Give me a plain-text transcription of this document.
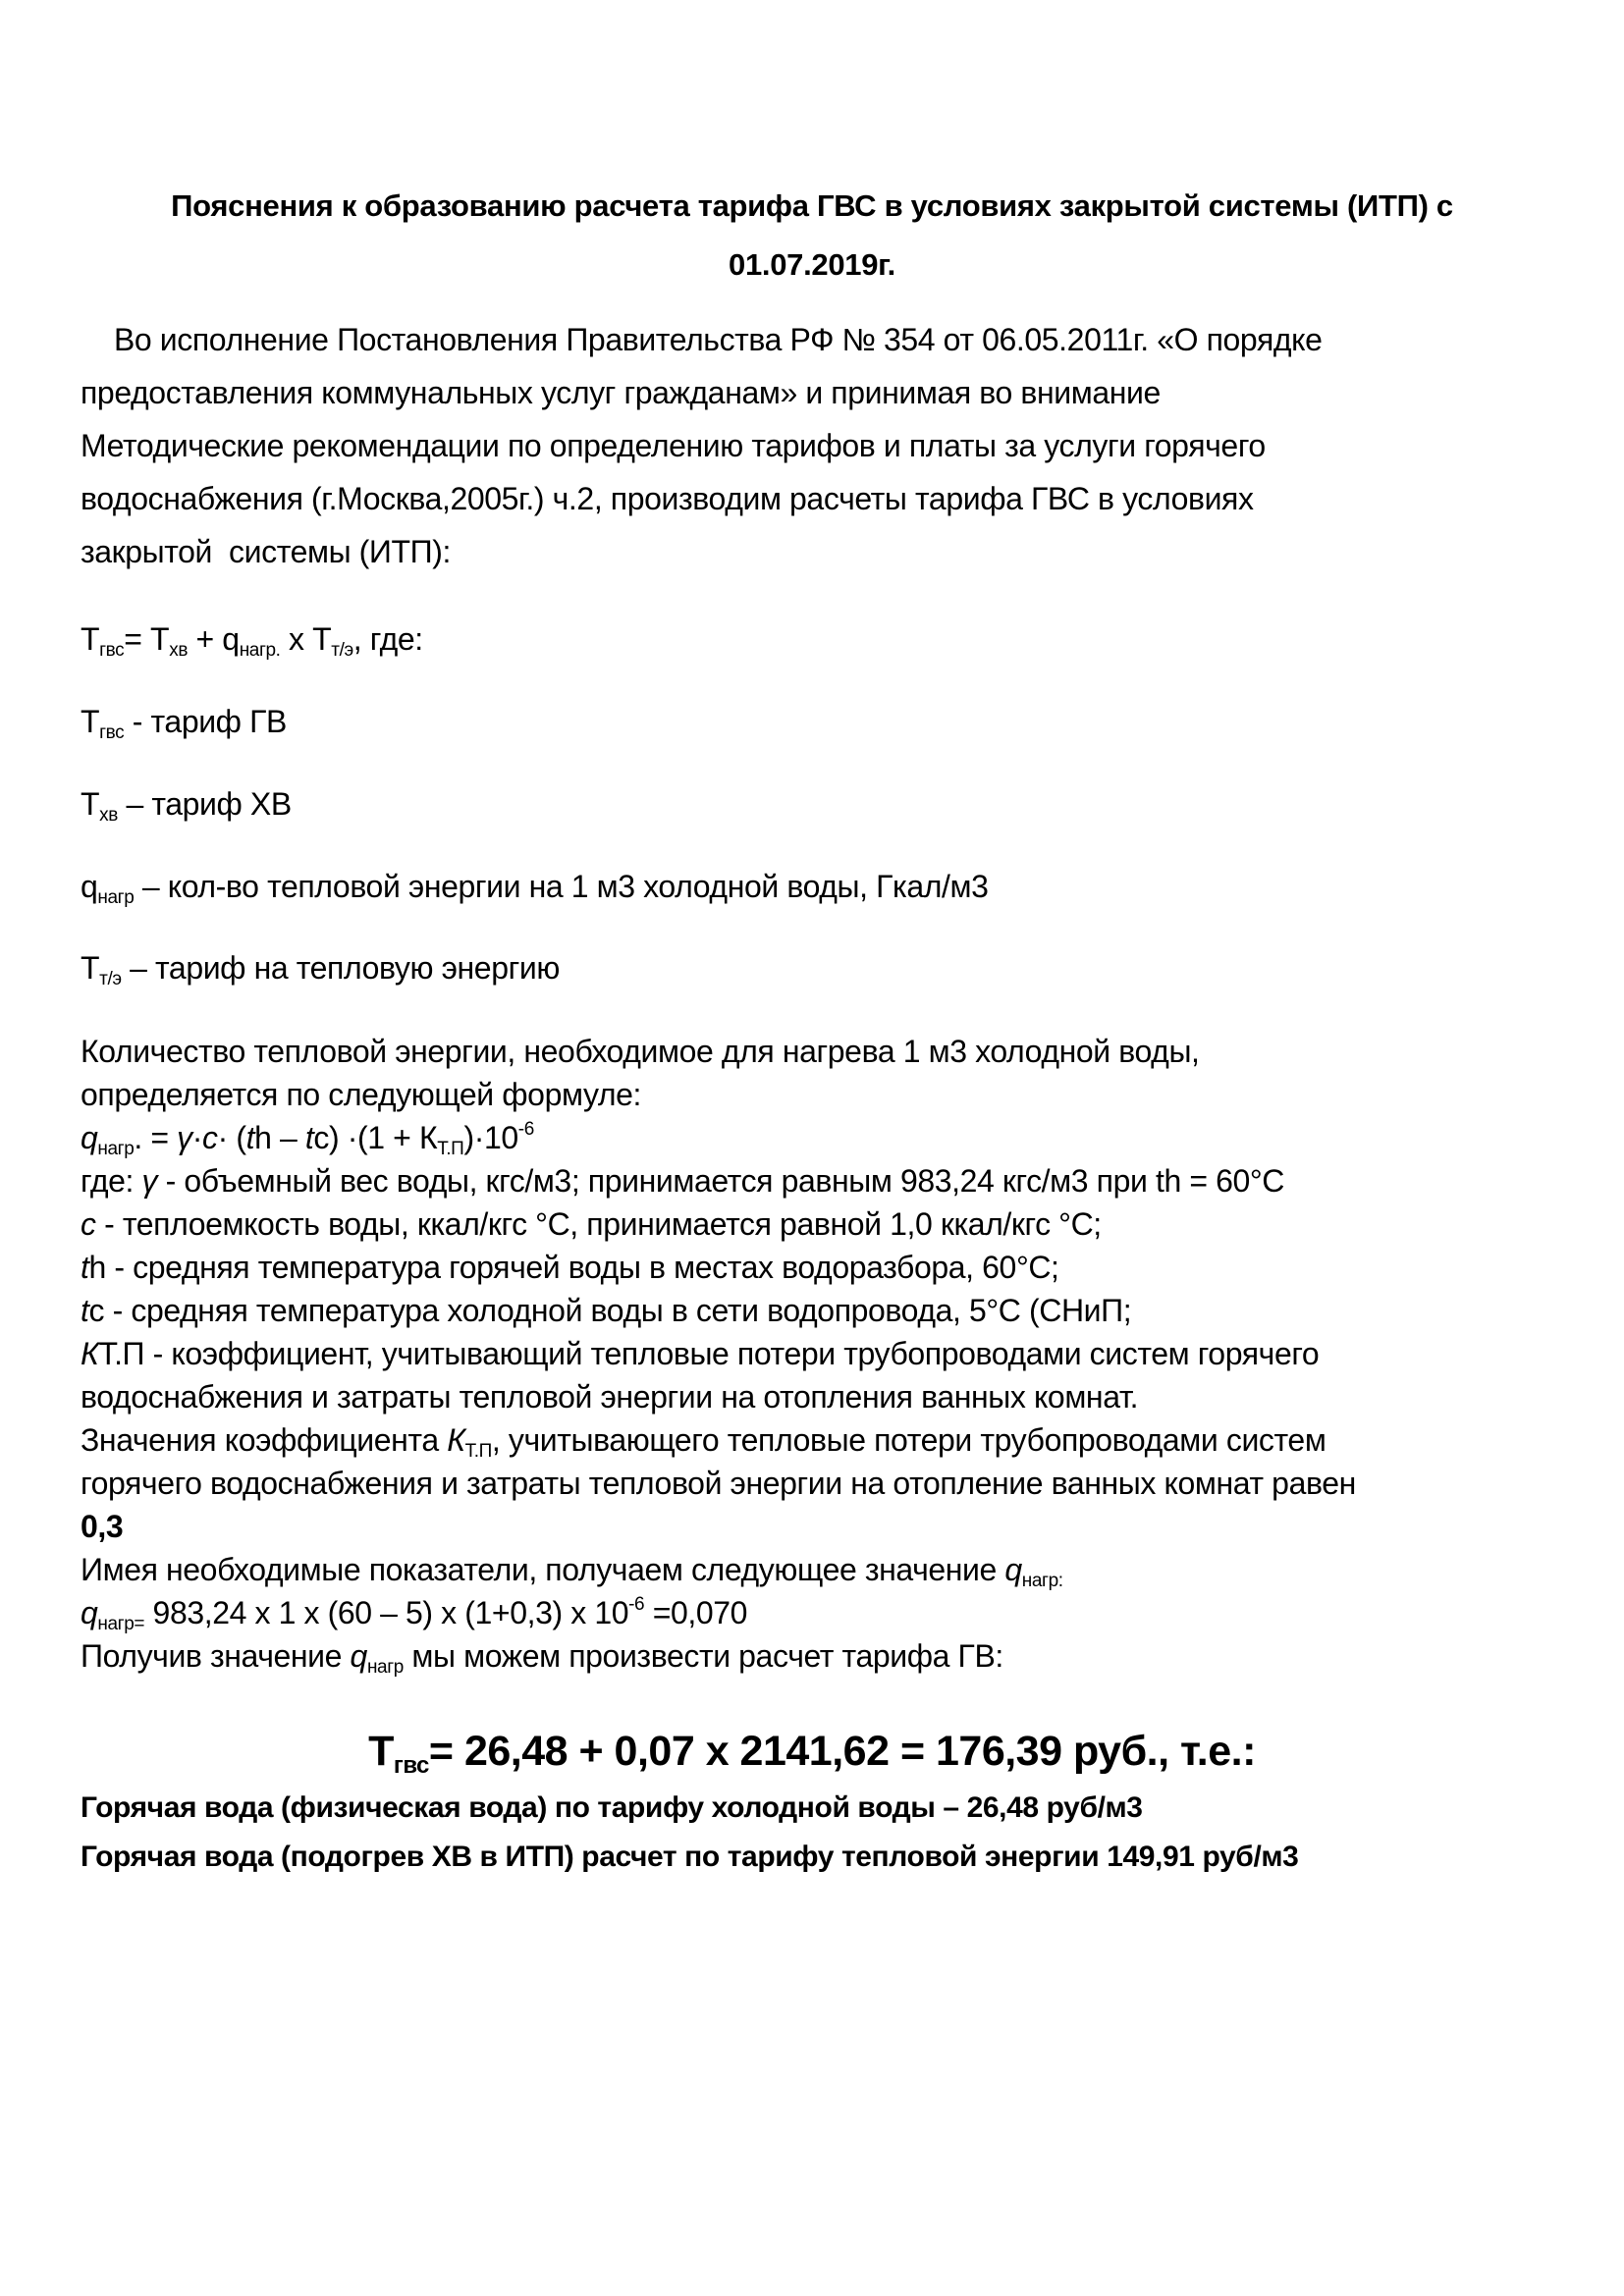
Пояснения к образованию расчета тарифа ГВС в условиях закрытой системы (ИТП) с
01.07.2019г.
Во исполнение Постановления Правительства РФ № 354 от 06.05.2011г. «О порядке
предоставления коммунальных услуг гражданам» и принимая во внимание
Методические рекомендации по определению тарифов и платы за услуги горячего
водоснабжения (г.Москва,2005г.) ч.2, производим расчеты тарифа ГВС в условиях
закрытой  системы (ИТП):
Тгвс= Тхв + qнагр. х Тт/э, где:
Тгвс - тариф ГВ
Тхв – тариф ХВ
qнагр – кол-во тепловой энергии на 1 м3 холодной воды, Гкал/м3
Тт/э – тариф на тепловую энергию
Количество тепловой энергии, необходимое для нагрева 1 м3 холодной воды,
определяется по следующей формуле:
qнагр. = $\gamma\cdot c\cdot (th - tc) \cdot(1 + КТ.П)\cdot 10^{-6}$
где: γ - объемный вес воды, кгс/м3; принимается равным 983,24 кгс/м3 при th = 60°С
c - теплоемкость воды, ккал/кгс °С, принимается равной 1,0 ккал/кгс °С;
th - средняя температура горячей воды в местах водоразбора, 60°С;
tc - средняя температура холодной воды в сети водопровода, 5°С (СНиП;
КТ.П - коэффициент, учитывающий тепловые потери трубопроводами систем горячего
водоснабжения и затраты тепловой энергии на отопления ванных комнат.
Значения коэффициента КТ.П, учитывающего тепловые потери трубопроводами систем
горячего водоснабжения и затраты тепловой энергии на отопление ванных комнат равен
0,3
Имея необходимые показатели, получаем следующее значение qнагр:
qнагр= 983,24 х 1 х (60 – 5) х (1+0,3) х $10^{-6} =0,070$
Получив значение qнагр мы можем произвести расчет тарифа ГВ:
Тгвс= 26,48 + 0,07 х 2141,62 = 176,39 руб., т.е.:
Горячая вода (физическая вода) по тарифу холодной воды – 26,48 руб/м3
Горячая вода (подогрев ХВ в ИТП) расчет по тарифу тепловой энергии 149,91 руб/м3
